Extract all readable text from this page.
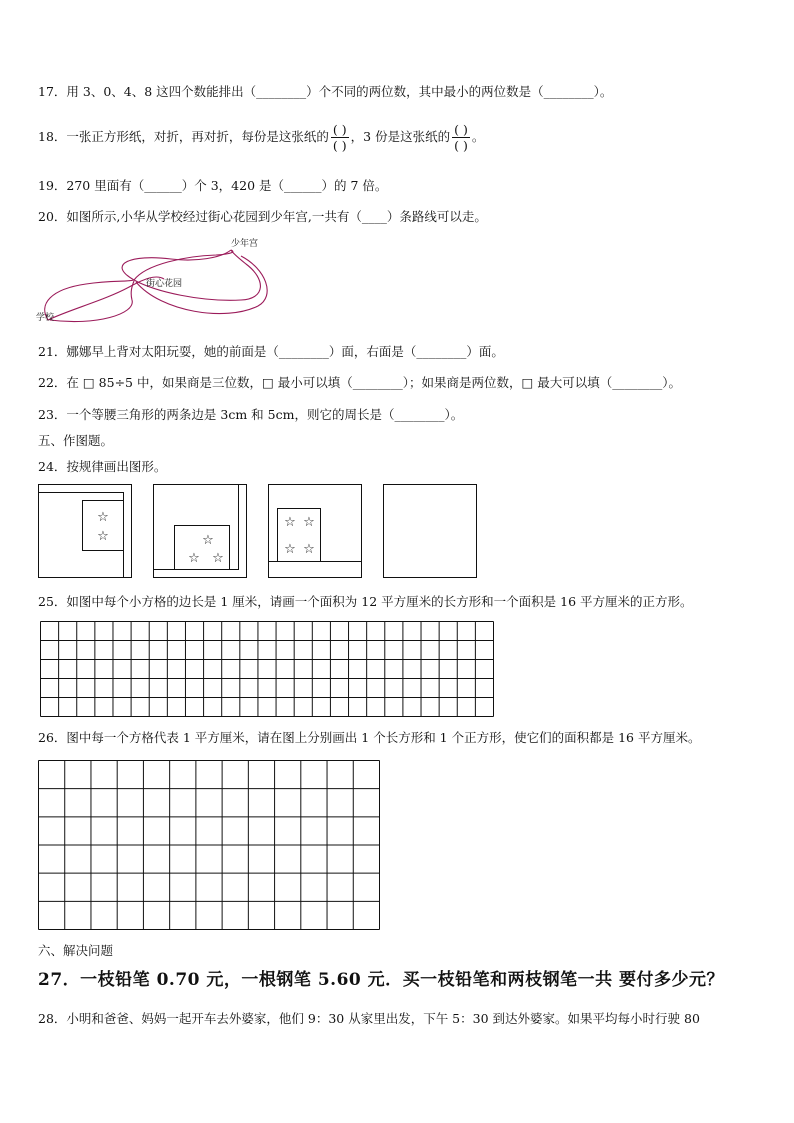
17．用 3、0、4、8 这四个数能排出（________）个不同的两位数，其中最小的两位数是（________）。
18．一张正方形纸，对折，再对折，每份是这张纸的 $\frac{( )}{( )}$ ，3 份是这张纸的 $\frac{( )}{( )}$ 。
19．270 里面有（______）个 3，420 是（______）的 7 倍。
20．如图所示,小华从学校经过街心花园到少年宫,一共有（____）条路线可以走。
学校
街心花园
少年宫
21．娜娜早上背对太阳玩耍，她的前面是（________）面，右面是（________）面。
22．在 □ 85÷5 中，如果商是三位数，□ 最小可以填（________）；如果商是两位数，□ 最大可以填（________）。
23．一个等腰三角形的两条边是 3cm 和 5cm，则它的周长是（________）。
五、作图题。
24．按规律画出图形。
☆
☆	☆
☆ ☆
☆ ☆
☆ ☆
25．如图中每个小方格的边长是 1 厘米，请画一个面积为 12 平方厘米的长方形和一个面积是 16 平方厘米的正方形。
26．图中每一个方格代表 1 平方厘米，请在图上分别画出 1 个长方形和 1 个正方形，使它们的面积都是 16 平方厘米。
六、解决问题
27．一枝铅笔 0.70 元，一根钢笔 5.60 元．买一枝铅笔和两枝钢笔一共 要付多少元？
28．小明和爸爸、妈妈一起开车去外婆家，他们 9：30 从家里出发，下午 5：30 到达外婆家。如果平均每小时行驶 80
